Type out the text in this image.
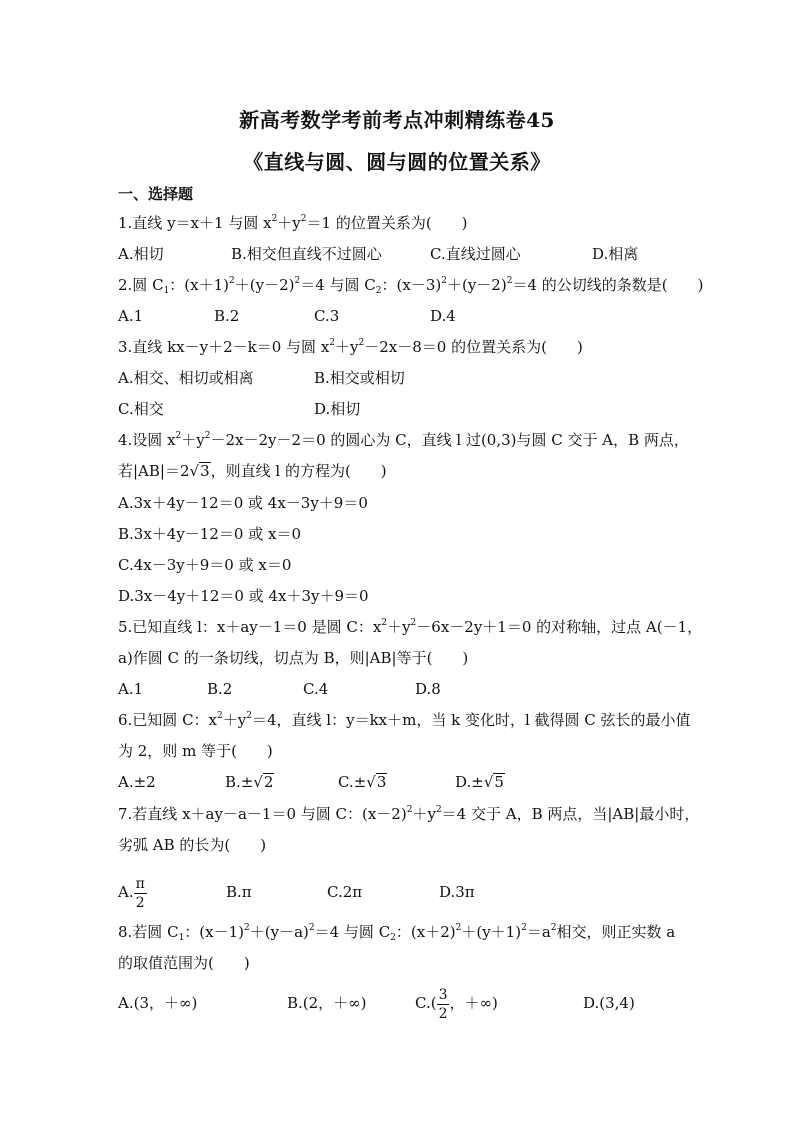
新高考数学考前考点冲刺精练卷45
《直线与圆、圆与圆的位置关系》
一、选择题
1.直线 y＝x＋1 与圆 $x^2+y^2=1$ 的位置关系为(　　)
A.相切	B.相交但直线不过圆心	C.直线过圆心	D.相离
2.圆 $C_1$：$(x+1)^2+(y-2)^2=4$ 与圆 $C_2$：$(x-3)^2+(y-2)^2=4$ 的公切线的条数是(　　)
A.1	B.2	C.3	D.4
3.直线 kx－y＋2－k＝0 与圆 $x^2+y^2-2x-8=0$ 的位置关系为(　　)
A.相交、相切或相离	B.相交或相切
C.相交	D.相切
4.设圆 $x^2+y^2-2x-2y-2=0$ 的圆心为 C，直线 l 过(0,3)与圆 C 交于 A，B 两点，
若|AB|＝2√3，则直线 l 的方程为(　　)
A.3x＋4y－12＝0 或 4x－3y＋9＝0
B.3x＋4y－12＝0 或 x＝0
C.4x－3y＋9＝0 或 x＝0
D.3x－4y＋12＝0 或 4x＋3y＋9＝0
5.已知直线 l：x＋ay－1＝0 是圆 C：$x^2+y^2-6x-2y+1=0$ 的对称轴，过点 A(－1，
a)作圆 C 的一条切线，切点为 B，则|AB|等于(　　)
A.1	B.2	C.4	D.8
6.已知圆 C：$x^2+y^2=4$，直线 l：y＝kx＋m，当 k 变化时，l 截得圆 C 弦长的最小值
为 2，则 m 等于(　　)
A.±2	B.±√2	C.±√3	D.±√5
7.若直线 x＋ay－a－1＝0 与圆 C：$(x-2)^2+y^2=4$ 交于 A，B 两点，当|AB|最小时，
劣弧 AB 的长为(　　)
A. $\frac{\pi}{2}$	B.π	C.2π	D.3π
8.若圆 $C_1$：$(x-1)^2+(y-a)^2=4$ 与圆 $C_2$：$(x+2)^2+(y+1)^2=a^2$相交，则正实数 a
的取值范围为(　　)
A.(3，＋∞)	B.(2，＋∞)	$C.( \frac{3}{2}$ ，＋∞)	D.(3,4)
